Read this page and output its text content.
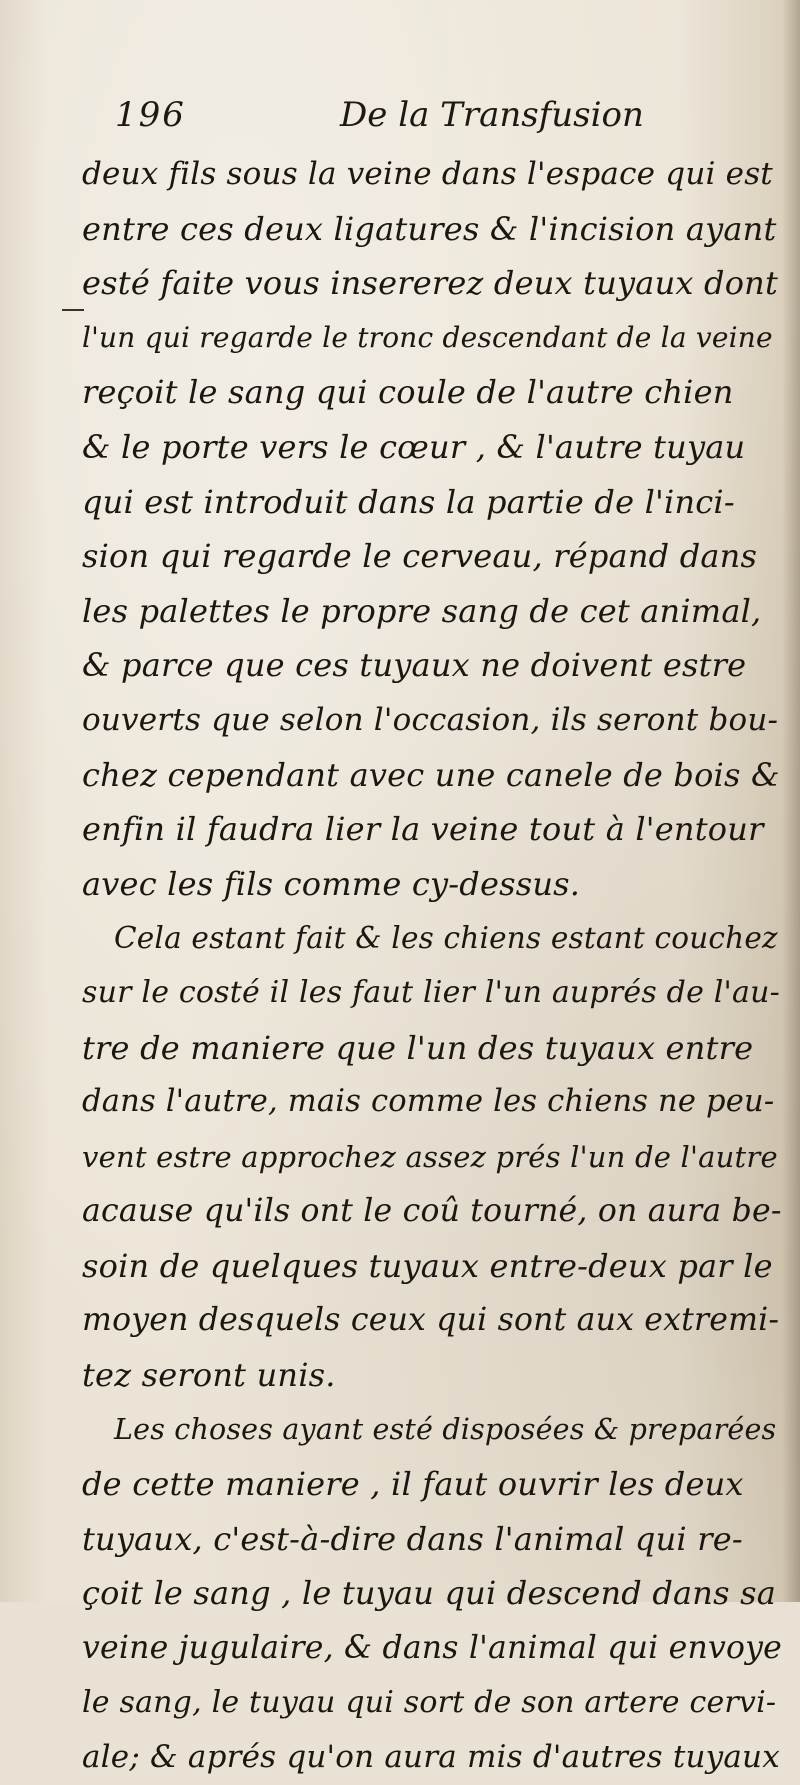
196	De la Transfusion
deux fils sous la veine dans l'espace qui est
entre ces deux ligatures & l'incision ayant
esté faite vous insererez deux tuyaux dont
l'un qui regarde le tronc descendant de la veine
reçoit le sang qui coule de l'autre chien
& le porte vers le cœur , & l'autre tuyau
qui est introduit dans la partie de l'inci-
sion qui regarde le cerveau, répand dans
les palettes le propre sang de cet animal,
& parce que ces tuyaux ne doivent estre
ouverts que selon l'occasion, ils seront bou-
chez cependant avec une canele de bois &
enfin il faudra lier la veine tout à l'entour
avec les fils comme cy-dessus.
Cela estant fait & les chiens estant couchez
sur le costé il les faut lier l'un auprés de l'au-
tre de maniere que l'un des tuyaux entre
dans l'autre, mais comme les chiens ne peu-
vent estre approchez assez prés l'un de l'autre
acause qu'ils ont le coû tourné, on aura be-
soin de quelques tuyaux entre-deux par le
moyen desquels ceux qui sont aux extremi-
tez seront unis.
Les choses ayant esté disposées & preparées
de cette maniere , il faut ouvrir les deux
tuyaux, c'est-à-dire dans l'animal qui re-
çoit le sang , le tuyau qui descend dans sa
veine jugulaire, & dans l'animal qui envoye
le sang, le tuyau qui sort de son artere cervi-
ale; & aprés qu'on aura mis d'autres tuyaux
